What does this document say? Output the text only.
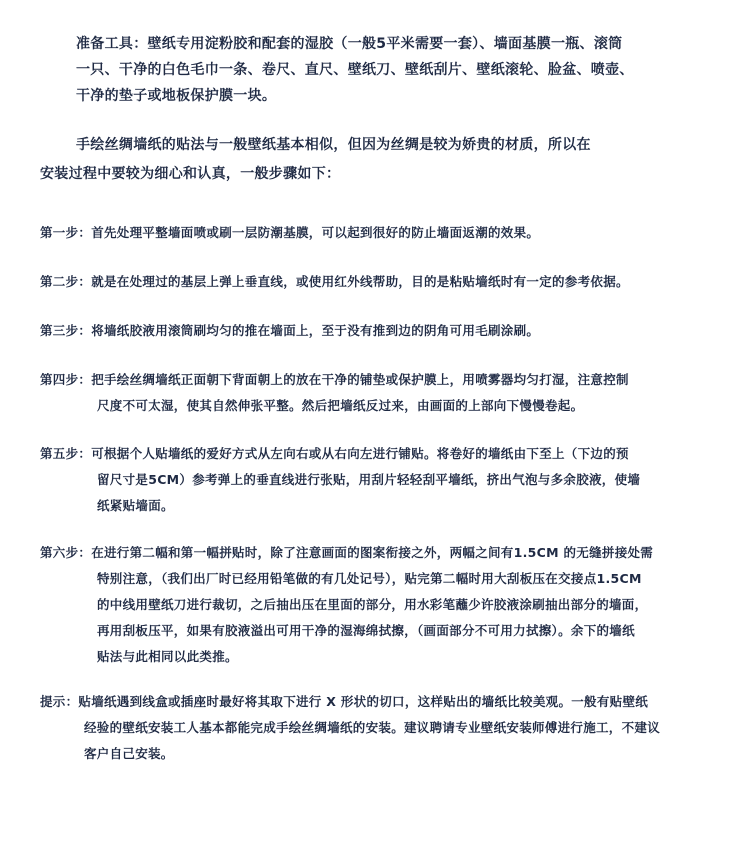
准备工具：壁纸专用淀粉胶和配套的湿胶（一般5平米需要一套）、墙面基膜一瓶、滚筒
一只、干净的白色毛巾一条、卷尺、直尺、壁纸刀、壁纸刮片、壁纸滚轮、脸盆、喷壶、
干净的垫子或地板保护膜一块。
手绘丝绸墙纸的贴法与一般壁纸基本相似，但因为丝绸是较为娇贵的材质，所以在
安装过程中要较为细心和认真，一般步骤如下：
第一步：首先处理平整墙面喷或刷一层防潮基膜，可以起到很好的防止墙面返潮的效果。
第二步：就是在处理过的基层上弹上垂直线，或使用红外线帮助，目的是粘贴墙纸时有一定的参考依据。
第三步：将墙纸胶液用滚筒刷均匀的推在墙面上，至于没有推到边的阴角可用毛刷涂刷。
第四步：把手绘丝绸墙纸正面朝下背面朝上的放在干净的铺垫或保护膜上，用喷雾器均匀打湿，注意控制
尺度不可太湿，使其自然伸张平整。然后把墙纸反过来，由画面的上部向下慢慢卷起。
第五步：可根据个人贴墙纸的爱好方式从左向右或从右向左进行铺贴。将卷好的墙纸由下至上（下边的预
留尺寸是5CM）参考弹上的垂直线进行张贴，用刮片轻轻刮平墙纸，挤出气泡与多余胶液，使墙
纸紧贴墙面。
第六步：在进行第二幅和第一幅拼贴时，除了注意画面的图案衔接之外，两幅之间有1.5CM 的无缝拼接处需
特别注意，（我们出厂时已经用铅笔做的有几处记号），贴完第二幅时用大刮板压在交接点1.5CM
的中线用壁纸刀进行裁切，之后抽出压在里面的部分，用水彩笔蘸少许胶液涂刷抽出部分的墙面，
再用刮板压平，如果有胶液溢出可用干净的湿海绵拭擦，（画面部分不可用力拭擦）。余下的墙纸
贴法与此相同以此类推。
提示：贴墙纸遇到线盒或插座时最好将其取下进行 X 形状的切口，这样贴出的墙纸比较美观。一般有贴壁纸
经验的壁纸安装工人基本都能完成手绘丝绸墙纸的安装。建议聘请专业壁纸安装师傅进行施工，不建议
客户自己安装。
